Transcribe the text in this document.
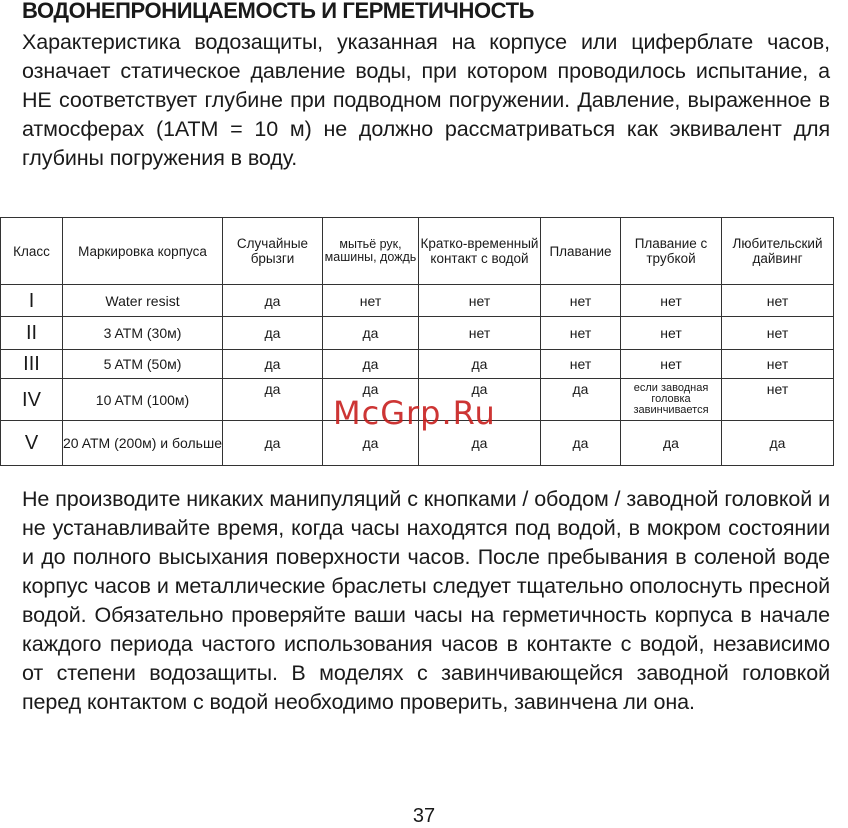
ВОДОНЕПРОНИЦАЕМОСТЬ И ГЕРМЕТИЧНОСТЬ

Характеристика водозащиты, указанная на корпусе или циферблате часов, означает статическое давление воды, при котором проводилось испытание, а НЕ соответствует глубине при подводном погружении. Давление, выраженное в атмосферах (1АТМ = 10 м) не должно рассматриваться как эквивалент для глубины погружения в воду.

Класс	Маркировка корпуса	Случайные брызги	мытьё рук, машины, дождь	Кратко-временный контакт с водой	Плавание	Плавание с трубкой	Любительский дайвинг
I	Water resist	да	нет	нет	нет	нет	нет
II	3 ATM (30м)	да	да	нет	нет	нет	нет
III	5 ATM (50м)	да	да	да	нет	нет	нет
IV	10 ATM (100м)	да	да	да	да	если заводная головка завинчивается	нет
V	20 ATM (200м) и больше	да	да	да	да	да	да
McGrp.Ru

Не производите никаких манипуляций с кнопками / ободом / заводной головкой и не устанавливайте время, когда часы находятся под водой, в мокром состоянии и до полного высыхания поверхности часов. После пребывания в соленой воде корпус часов и металлические браслеты следует тщательно ополоснуть пресной водой. Обязательно проверяйте ваши часы на герметичность корпуса в начале каждого периода частого использования часов в контакте с водой, независимо от степени водозащиты. В моделях с завинчивающейся заводной головкой перед контактом с водой необходимо проверить, завинчена ли она.

37
